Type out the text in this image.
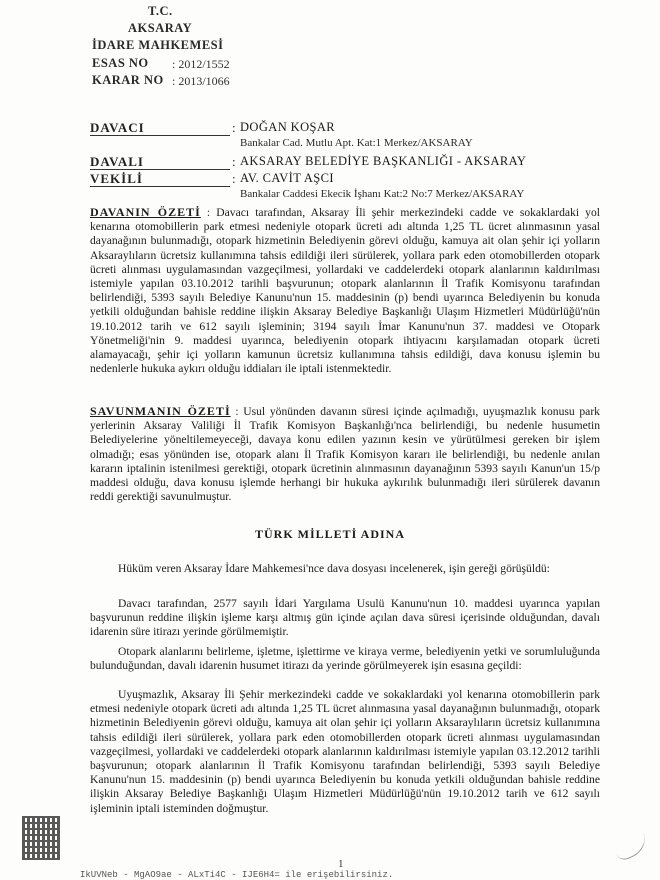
T.C.
AKSARAY
İDARE MAHKEMESİ
ESAS NO : 2012/1552
KARAR NO : 2013/1066
DAVACI	: DOĞAN KOŞAR
Bankalar Cad. Mutlu Apt. Kat:1 Merkez/AKSARAY
DAVALI	: AKSARAY BELEDİYE BAŞKANLIĞI - AKSARAY
VEKİLİ	: AV. CAVİT AŞCI
Bankalar Caddesi Ekecik İşhanı Kat:2 No:7 Merkez/AKSARAY
DAVANIN ÖZETİ : Davacı tarafından, Aksaray İli şehir merkezindeki cadde ve sokaklardaki yol kenarına otomobillerin park etmesi nedeniyle otopark ücreti adı altında 1,25 TL ücret alınmasının yasal dayanağının bulunmadığı, otopark hizmetinin Belediyenin görevi olduğu, kamuya ait olan şehir içi yolların Aksaraylıların ücretsiz kullanımına tahsis edildiği ileri sürülerek, yollara park eden otomobillerden otopark ücreti alınması uygulamasından vazgeçilmesi, yollardaki ve caddelerdeki otopark alanlarının kaldırılması istemiyle yapılan 03.10.2012 tarihli başvurunun; otopark alanlarının İl Trafik Komisyonu tarafından belirlendiği, 5393 sayılı Belediye Kanunu'nun 15. maddesinin (p) bendi uyarınca Belediyenin bu konuda yetkili olduğundan bahisle reddine ilişkin Aksaray Belediye Başkanlığı Ulaşım Hizmetleri Müdürlüğü'nün 19.10.2012 tarih ve 612 sayılı işleminin; 3194 sayılı İmar Kanunu'nun 37. maddesi ve Otopark Yönetmeliği'nin 9. maddesi uyarınca, belediyenin otopark ihtiyacını karşılamadan otopark ücreti alamayacağı, şehir içi yolların kamunun ücretsiz kullanımına tahsis edildiği, dava konusu işlemin bu nedenlerle hukuka aykırı olduğu iddiaları ile iptali istenmektedir.
SAVUNMANIN ÖZETİ : Usul yönünden davanın süresi içinde açılmadığı, uyuşmazlık konusu park yerlerinin Aksaray Valiliği İl Trafik Komisyon Başkanlığı'nca belirlendiği, bu nedenle husumetin Belediyelerine yöneltilemeyeceği, davaya konu edilen yazının kesin ve yürütülmesi gereken bir işlem olmadığı; esas yönünden ise, otopark alanı İl Trafik Komisyon kararı ile belirlendiği, bu nedenle anılan kararın iptalinin istenilmesi gerektiği, otopark ücretinin alınmasının dayanağının 5393 sayılı Kanun'un 15/p maddesi olduğu, dava konusu işlemde herhangi bir hukuka aykırılık bulunmadığı ileri sürülerek davanın reddi gerektiği savunulmuştur.
TÜRK MİLLETİ ADINA
Hüküm veren Aksaray İdare Mahkemesi'nce dava dosyası incelenerek, işin gereği görüşüldü:
Davacı tarafından, 2577 sayılı İdari Yargılama Usulü Kanunu'nun 10. maddesi uyarınca yapılan başvurunun reddine ilişkin işleme karşı altmış gün içinde açılan dava süresi içerisinde olduğundan, davalı idarenin süre itirazı yerinde görülmemiştir.
Otopark alanlarını belirleme, işletme, işlettirme ve kiraya verme, belediyenin yetki ve sorumluluğunda bulunduğundan, davalı idarenin husumet itirazı da yerinde görülmeyerek işin esasına geçildi:
Uyuşmazlık, Aksaray İli Şehir merkezindeki cadde ve sokaklardaki yol kenarına otomobillerin park etmesi nedeniyle otopark ücreti adı altında 1,25 TL ücret alınmasına yasal dayanağının bulunmadığı, otopark hizmetinin Belediyenin görevi olduğu, kamuya ait olan şehir içi yolların Aksaraylıların ücretsiz kullanımına tahsis edildiği ileri sürülerek, yollara park eden otomobillerden otopark ücreti alınması uygulamasından vazgeçilmesi, yollardaki ve caddelerdeki otopark alanlarının kaldırılması istemiyle yapılan 03.12.2012 tarihli başvurunun; otopark alanlarının İl Trafik Komisyonu tarafından belirlendiği, 5393 sayılı Belediye Kanunu'nun 15. maddesinin (p) bendi uyarınca Belediyenin bu konuda yetkili olduğundan bahisle reddine ilişkin Aksaray Belediye Başkanlığı Ulaşım Hizmetleri Müdürlüğü'nün 19.10.2012 tarih ve 612 sayılı işleminin iptali isteminden doğmuştur.
1
IkUVNeb - MgAO9ae - ALxTi4C - IJE6H4= ile erişebilirsiniz.
